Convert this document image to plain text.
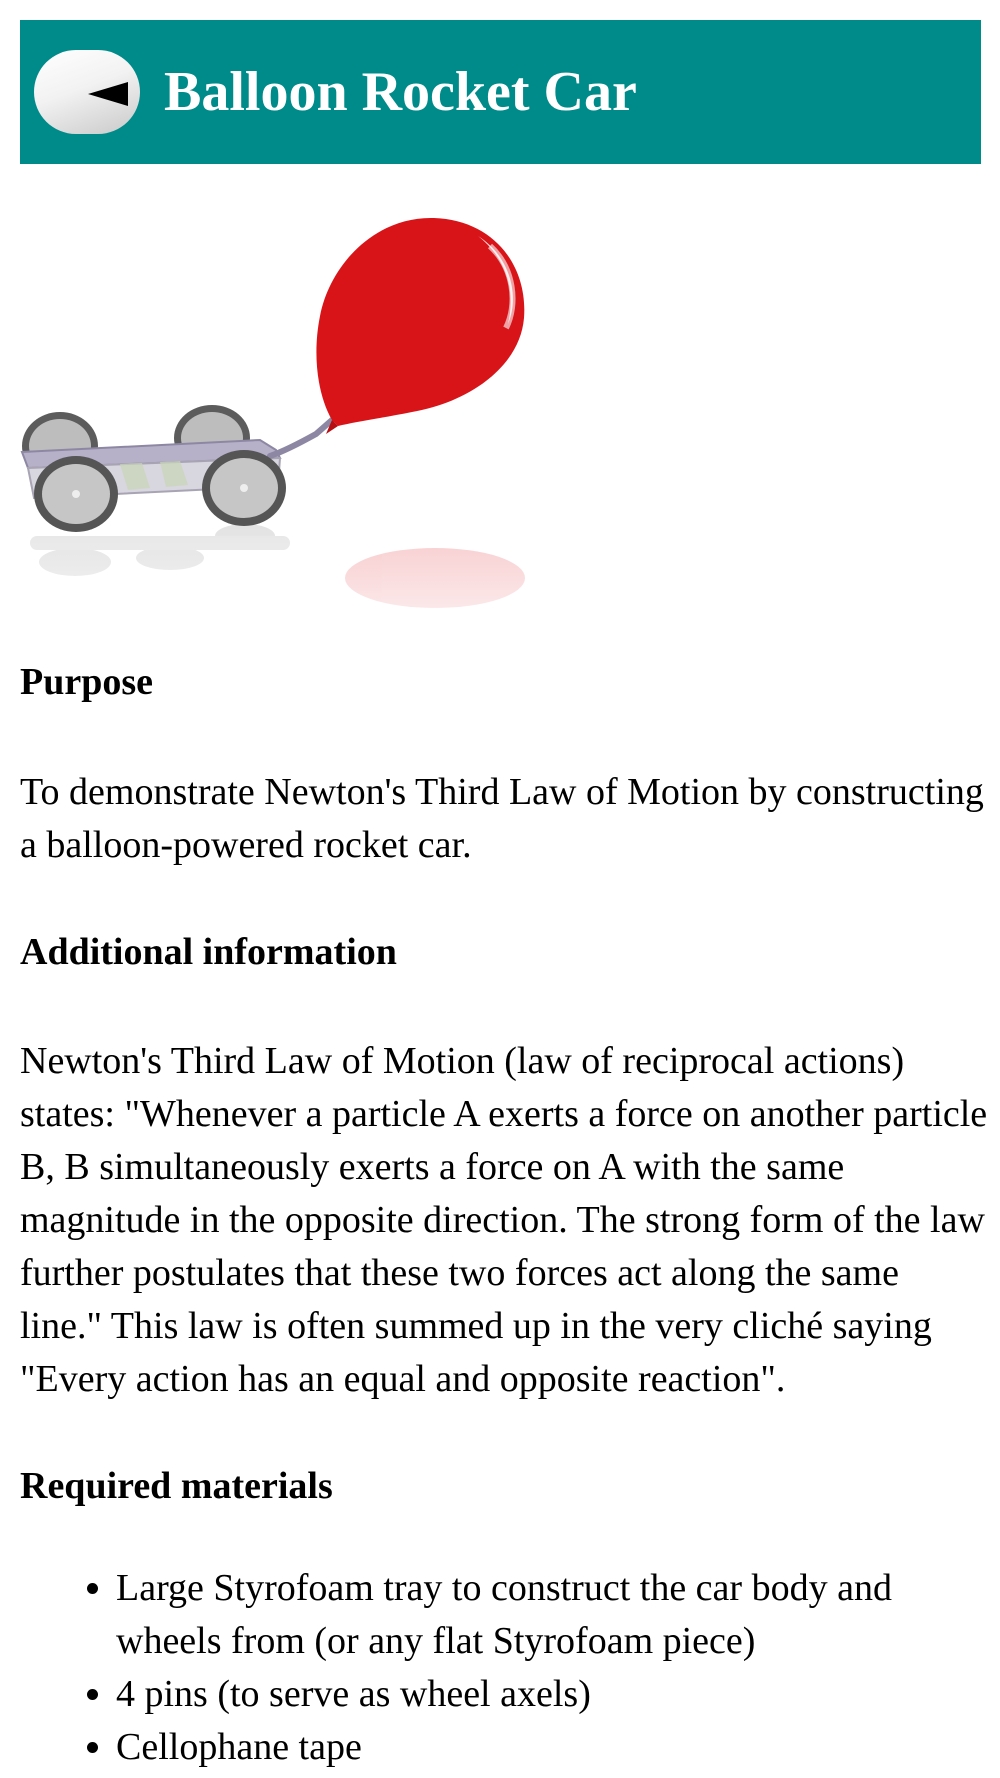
Balloon Rocket Car
Purpose

To demonstrate Newton's Third Law of Motion by constructing a balloon-powered rocket car.

Additional information

Newton's Third Law of Motion (law of reciprocal actions) states: "Whenever a particle A exerts a force on another particle B, B simultaneously exerts a force on A with the same magnitude in the opposite direction. The strong form of the law further postulates that these two forces act along the same line." This law is often summed up in the very cliché saying "Every action has an equal and opposite reaction".

Required materials
• Large Styrofoam tray to construct the car body and wheels from (or any flat Styrofoam piece)
• 4 pins (to serve as wheel axels)
• Cellophane tape
